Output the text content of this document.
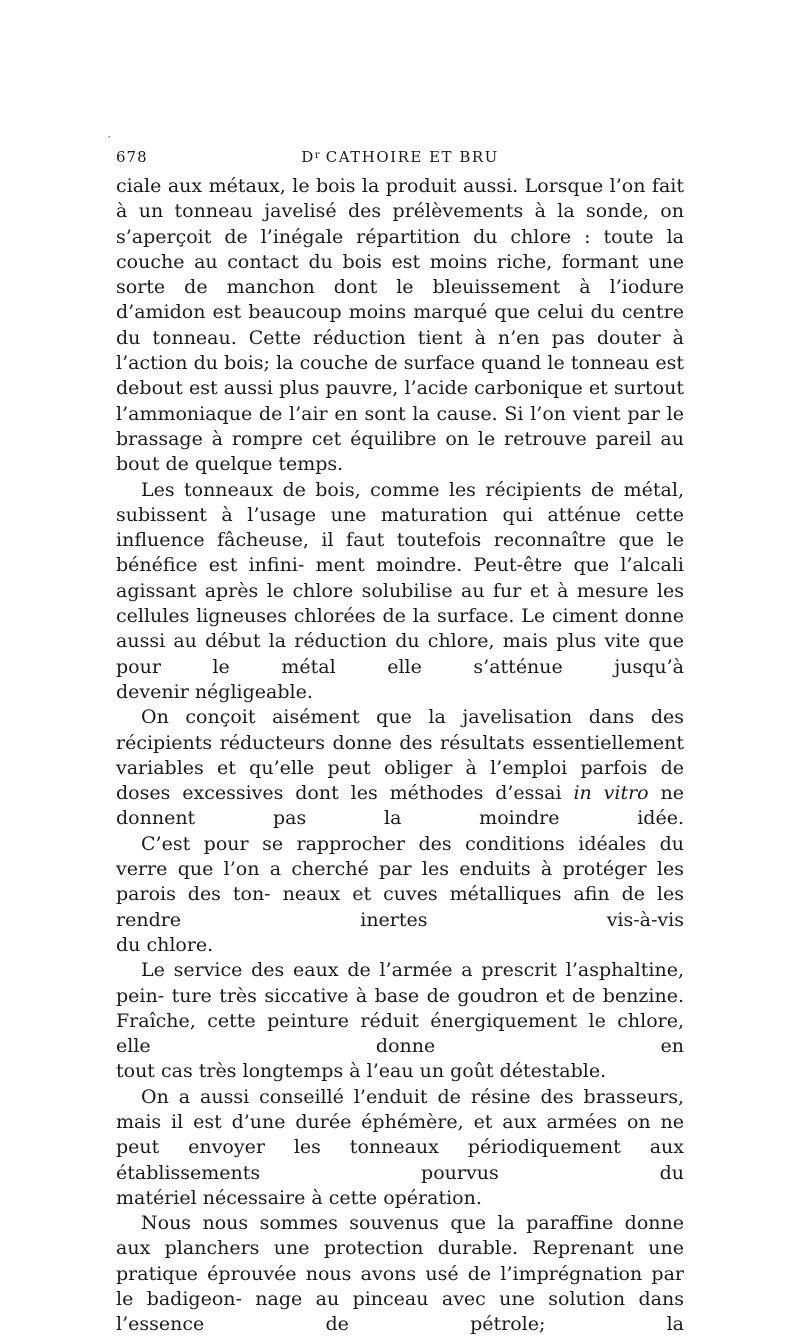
′
678	$D^r$ CATHOIRE ET BRU

ciale aux métaux, le bois la produit aussi. Lorsque l’on fait à un tonneau javelisé des prélèvements à la sonde, on s’aperçoit de l’inégale répartition du chlore : toute la couche au contact du bois est moins riche, formant une sorte de manchon dont le bleuissement à l’iodure d’amidon est beaucoup moins marqué que celui du centre du tonneau. Cette réduction tient à n’en pas douter à l’action du bois; la couche de surface quand le tonneau est debout est aussi plus pauvre, l’acide carbonique et surtout l’ammoniaque de l’air en sont la cause. Si l’on vient par le brassage à rompre cet équilibre on le retrouve pareil au

bout de quelque temps.

Les tonneaux de bois, comme les récipients de métal, subissent à l’usage une maturation qui atténue cette influence fâcheuse, il faut toutefois reconnaître que le bénéfice est infini- ment moindre. Peut-être que l’alcali agissant après le chlore solubilise au fur et à mesure les cellules ligneuses chlorées de la surface. Le ciment donne aussi au début la réduction du chlore, mais plus vite que pour le métal elle s’atténue jusqu’à

devenir négligeable.

On conçoit aisément que la javelisation dans des récipients réducteurs donne des résultats essentiellement variables et qu’elle peut obliger à l’emploi parfois de doses excessives dont les méthodes d’essai in vitro ne donnent pas la moindre idée.

C’est pour se rapprocher des conditions idéales du verre que l’on a cherché par les enduits à protéger les parois des ton- neaux et cuves métalliques afin de les rendre inertes vis-à-vis

du chlore.

Le service des eaux de l’armée a prescrit l’asphaltine, pein- ture très siccative à base de goudron et de benzine. Fraîche, cette peinture réduit énergiquement le chlore, elle donne en

tout cas très longtemps à l’eau un goût détestable.

On a aussi conseillé l’enduit de résine des brasseurs, mais il est d’une durée éphémère, et aux armées on ne peut envoyer les tonneaux périodiquement aux établissements pourvus du

matériel nécessaire à cette opération.

Nous nous sommes souvenus que la paraffine donne aux planchers une protection durable. Reprenant une pratique éprouvée nous avons usé de l’imprégnation par le badigeon- nage au pinceau avec une solution dans l’essence de pétrole; la
